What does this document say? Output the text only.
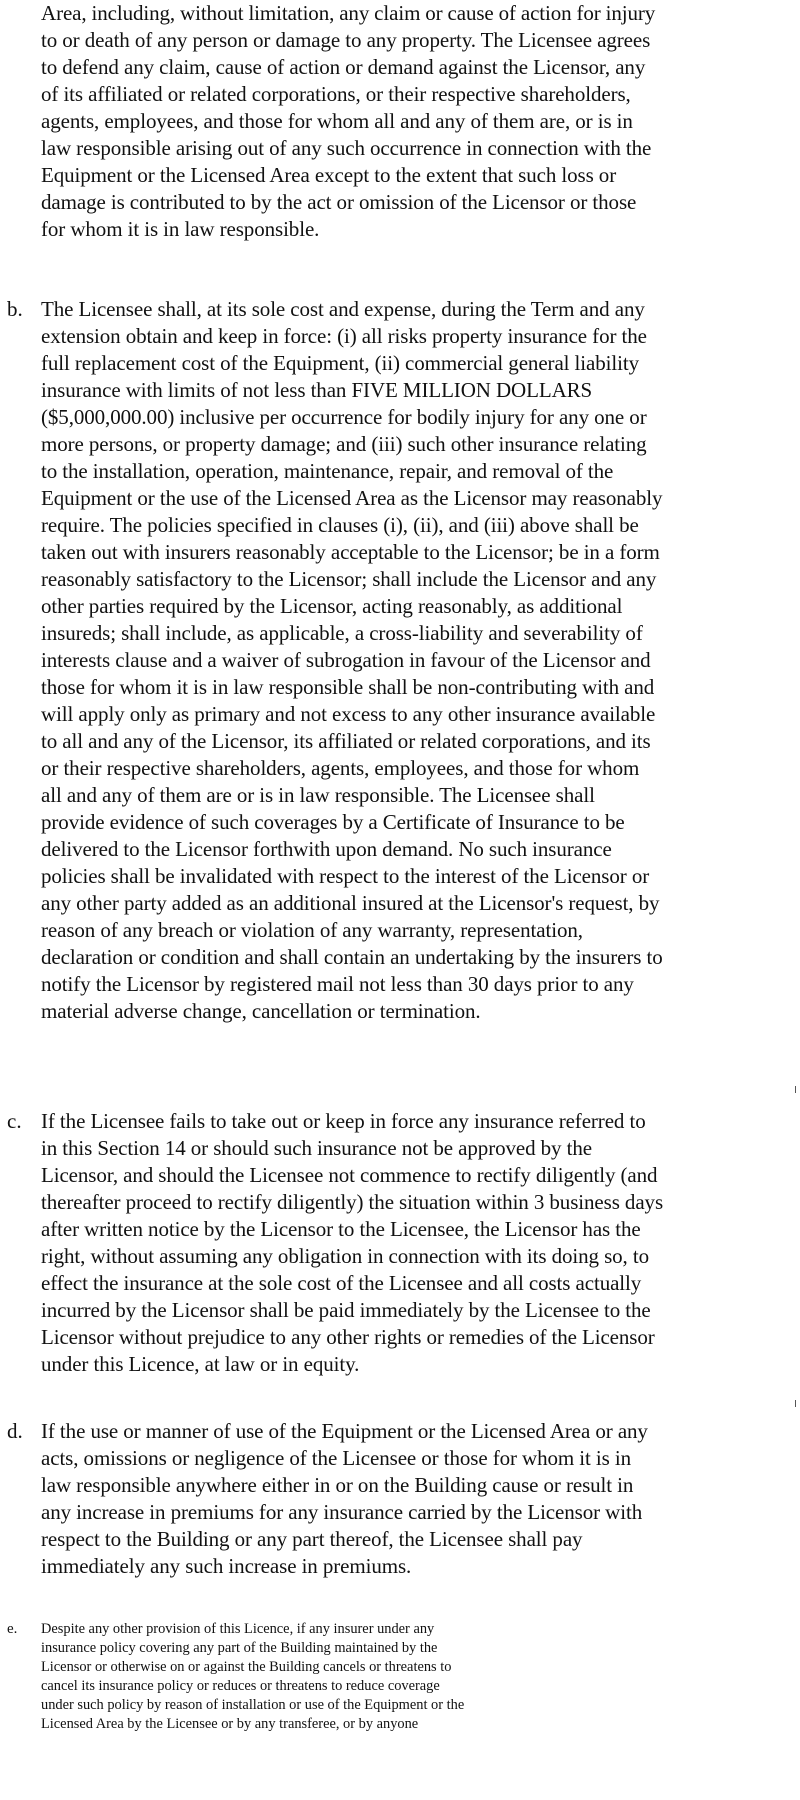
Area, including, without limitation, any claim or cause of action for injury
to or death of any person or damage to any property. The Licensee agrees
to defend any claim, cause of action or demand against the Licensor, any
of its affiliated or related corporations, or their respective shareholders,
agents, employees, and those for whom all and any of them are, or is in
law responsible arising out of any such occurrence in connection with the
Equipment or the Licensed Area except to the extent that such loss or
damage is contributed to by the act or omission of the Licensor or those
for whom it is in law responsible.
b. The Licensee shall, at its sole cost and expense, during the Term and any
extension obtain and keep in force: (i) all risks property insurance for the
full replacement cost of the Equipment, (ii) commercial general liability
insurance with limits of not less than FIVE MILLION DOLLARS
($5,000,000.00) inclusive per occurrence for bodily injury for any one or
more persons, or property damage; and (iii) such other insurance relating
to the installation, operation, maintenance, repair, and removal of the
Equipment or the use of the Licensed Area as the Licensor may reasonably
require. The policies specified in clauses (i), (ii), and (iii) above shall be
taken out with insurers reasonably acceptable to the Licensor; be in a form
reasonably satisfactory to the Licensor; shall include the Licensor and any
other parties required by the Licensor, acting reasonably, as additional
insureds; shall include, as applicable, a cross-liability and severability of
interests clause and a waiver of subrogation in favour of the Licensor and
those for whom it is in law responsible shall be non-contributing with and
will apply only as primary and not excess to any other insurance available
to all and any of the Licensor, its affiliated or related corporations, and its
or their respective shareholders, agents, employees, and those for whom
all and any of them are or is in law responsible. The Licensee shall
provide evidence of such coverages by a Certificate of Insurance to be
delivered to the Licensor forthwith upon demand. No such insurance
policies shall be invalidated with respect to the interest of the Licensor or
any other party added as an additional insured at the Licensor's request, by
reason of any breach or violation of any warranty, representation,
declaration or condition and shall contain an undertaking by the insurers to
notify the Licensor by registered mail not less than 30 days prior to any
material adverse change, cancellation or termination.
c. If the Licensee fails to take out or keep in force any insurance referred to
in this Section 14 or should such insurance not be approved by the
Licensor, and should the Licensee not commence to rectify diligently (and
thereafter proceed to rectify diligently) the situation within 3 business days
after written notice by the Licensor to the Licensee, the Licensor has the
right, without assuming any obligation in connection with its doing so, to
effect the insurance at the sole cost of the Licensee and all costs actually
incurred by the Licensor shall be paid immediately by the Licensee to the
Licensor without prejudice to any other rights or remedies of the Licensor
under this Licence, at law or in equity.
d. If the use or manner of use of the Equipment or the Licensed Area or any
acts, omissions or negligence of the Licensee or those for whom it is in
law responsible anywhere either in or on the Building cause or result in
any increase in premiums for any insurance carried by the Licensor with
respect to the Building or any part thereof, the Licensee shall pay
immediately any such increase in premiums.
e. Despite any other provision of this Licence, if any insurer under any
insurance policy covering any part of the Building maintained by the
Licensor or otherwise on or against the Building cancels or threatens to
cancel its insurance policy or reduces or threatens to reduce coverage
under such policy by reason of installation or use of the Equipment or the
Licensed Area by the Licensee or by any transferee, or by anyone
